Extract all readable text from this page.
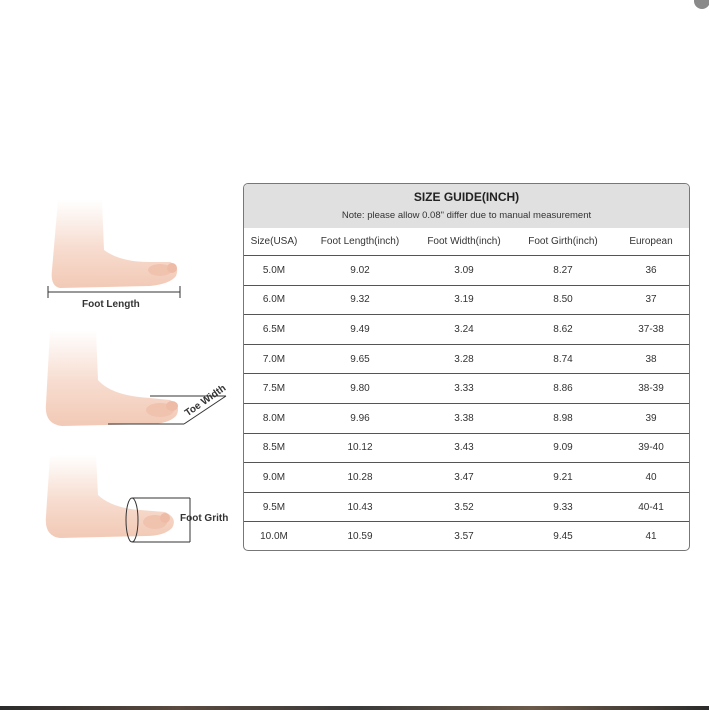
Foot Length
Toe Width
Foot Grith
SIZE GUIDE(INCH)
Note: please allow 0.08" differ due to manual measurement
Size(USA)	Foot Length(inch)	Foot Width(inch)	Foot Girth(inch)	European
5.0M	9.02	3.09	8.27	36
6.0M	9.32	3.19	8.50	37
6.5M	9.49	3.24	8.62	37-38
7.0M	9.65	3.28	8.74	38
7.5M	9.80	3.33	8.86	38-39
8.0M	9.96	3.38	8.98	39
8.5M	10.12	3.43	9.09	39-40
9.0M	10.28	3.47	9.21	40
9.5M	10.43	3.52	9.33	40-41
10.0M	10.59	3.57	9.45	41
